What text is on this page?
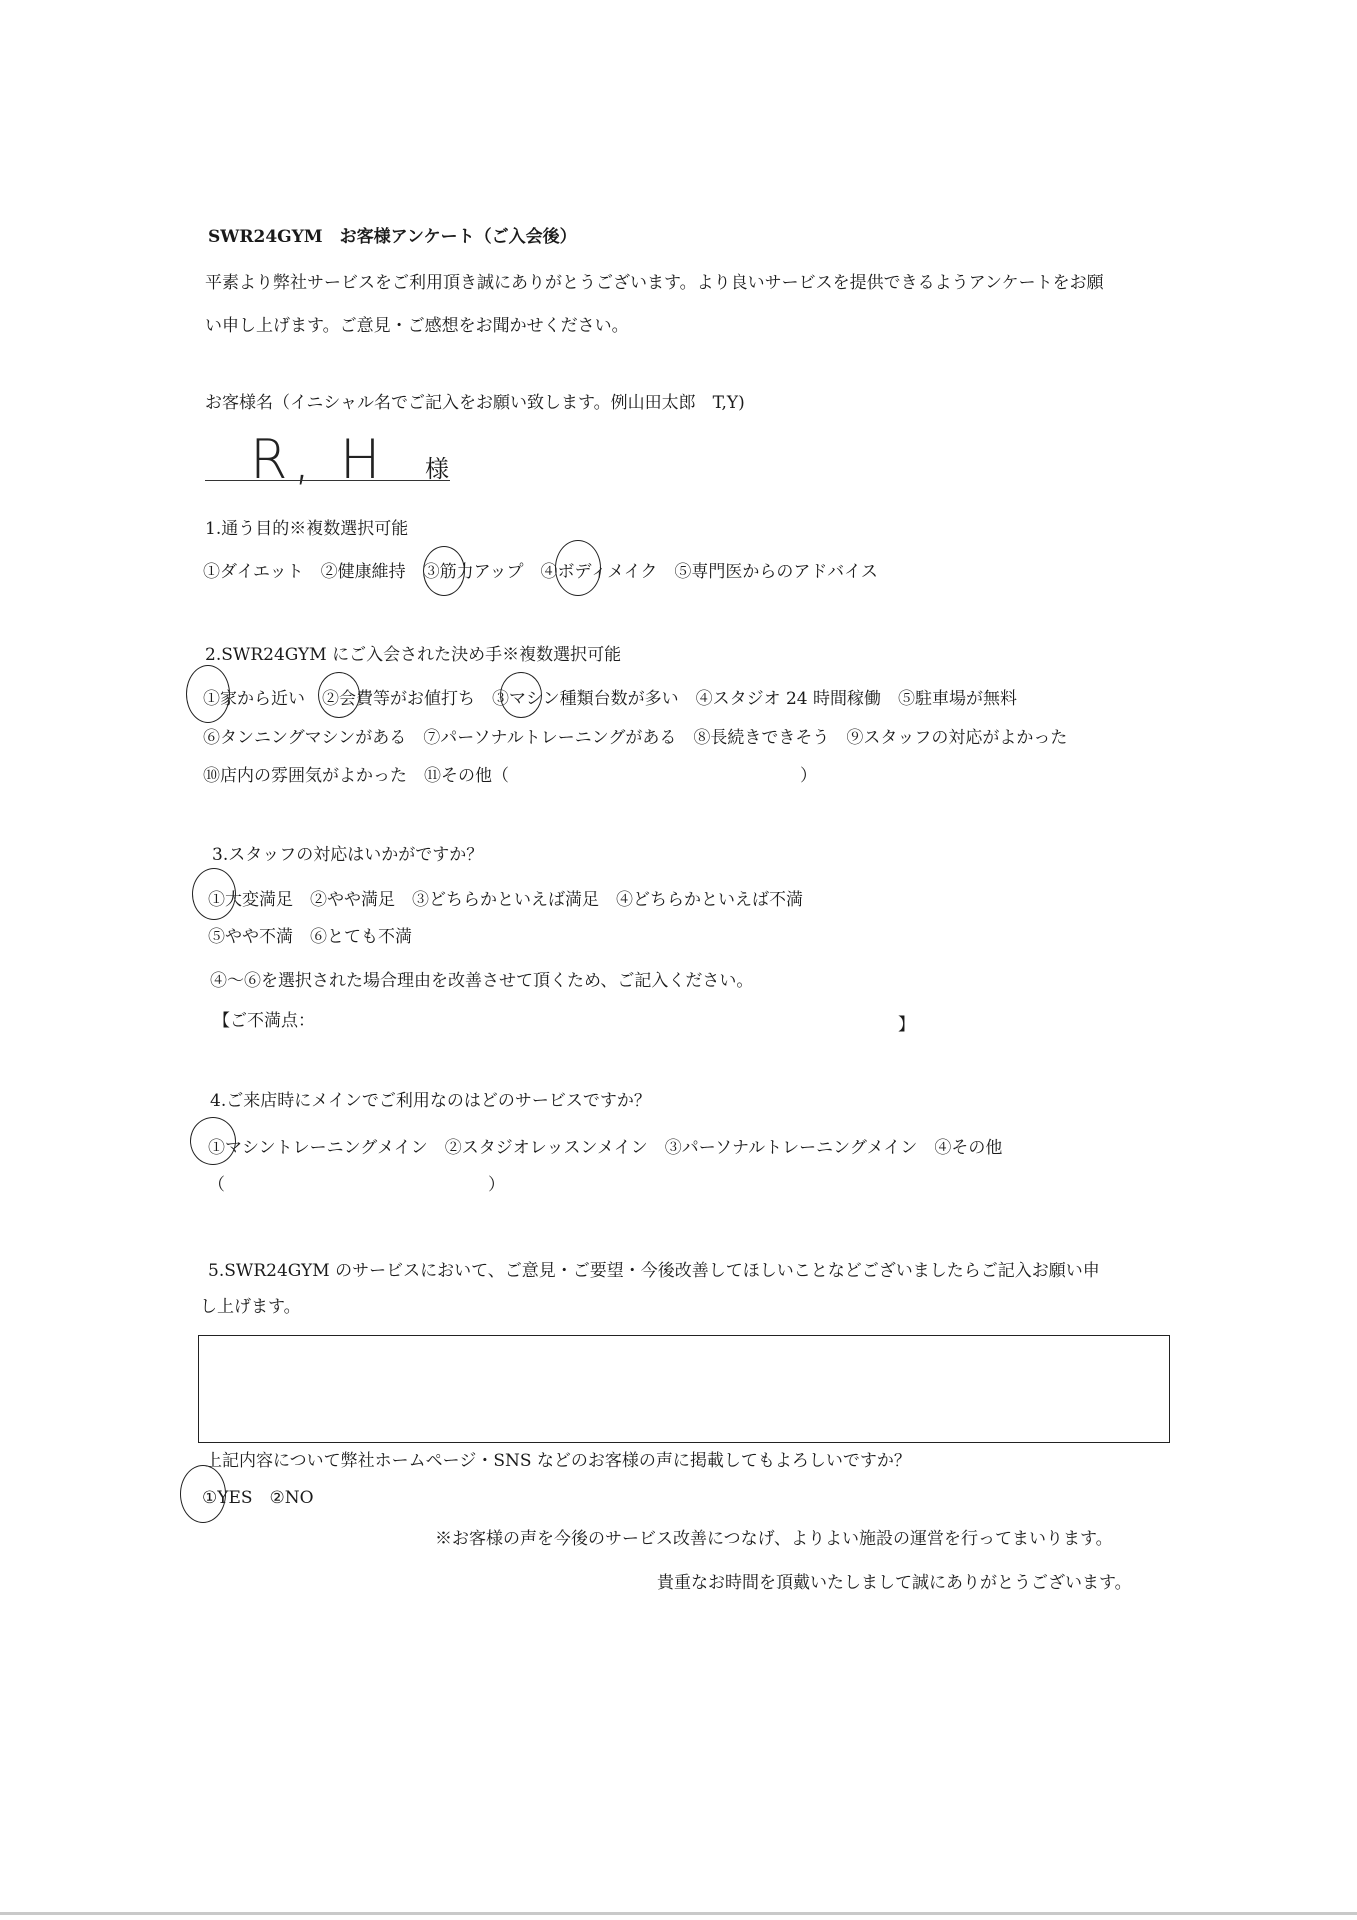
SWR24GYM　お客様アンケート（ご入会後）
平素より弊社サービスをご利用頂き誠にありがとうございます。より良いサービスを提供できるようアンケートをお願
い申し上げます。ご意見・ご感想をお聞かせください。
お客様名（イニシャル名でご記入をお願い致します。例山田太郎　T,Y)
R, H 様
1.通う目的※複数選択可能
①ダイエット　②健康維持　③筋力アップ　④ボディメイク　⑤専門医からのアドバイス
2.SWR24GYM にご入会された決め手※複数選択可能
①家から近い　②会費等がお値打ち　③マシン種類台数が多い　④スタジオ 24 時間稼働　⑤駐車場が無料
⑥タンニングマシンがある　⑦パーソナルトレーニングがある　⑧長続きできそう　⑨スタッフの対応がよかった
⑩店内の雰囲気がよかった　⑪その他（	）
3.スタッフの対応はいかがですか？
①大変満足　②やや満足　③どちらかといえば満足　④どちらかといえば不満
⑤やや不満　⑥とても不満
④～⑥を選択された場合理由を改善させて頂くため、ご記入ください。
【ご不満点：	】
4.ご来店時にメインでご利用なのはどのサービスですか？
①マシントレーニングメイン　②スタジオレッスンメイン　③パーソナルトレーニングメイン　④その他
（	）
5.SWR24GYM のサービスにおいて、ご意見・ご要望・今後改善してほしいことなどございましたらご記入お願い申
し上げます。
上記内容について弊社ホームページ・SNS などのお客様の声に掲載してもよろしいですか？
①YES　②NO
※お客様の声を今後のサービス改善につなげ、よりよい施設の運営を行ってまいります。
貴重なお時間を頂戴いたしまして誠にありがとうございます。
